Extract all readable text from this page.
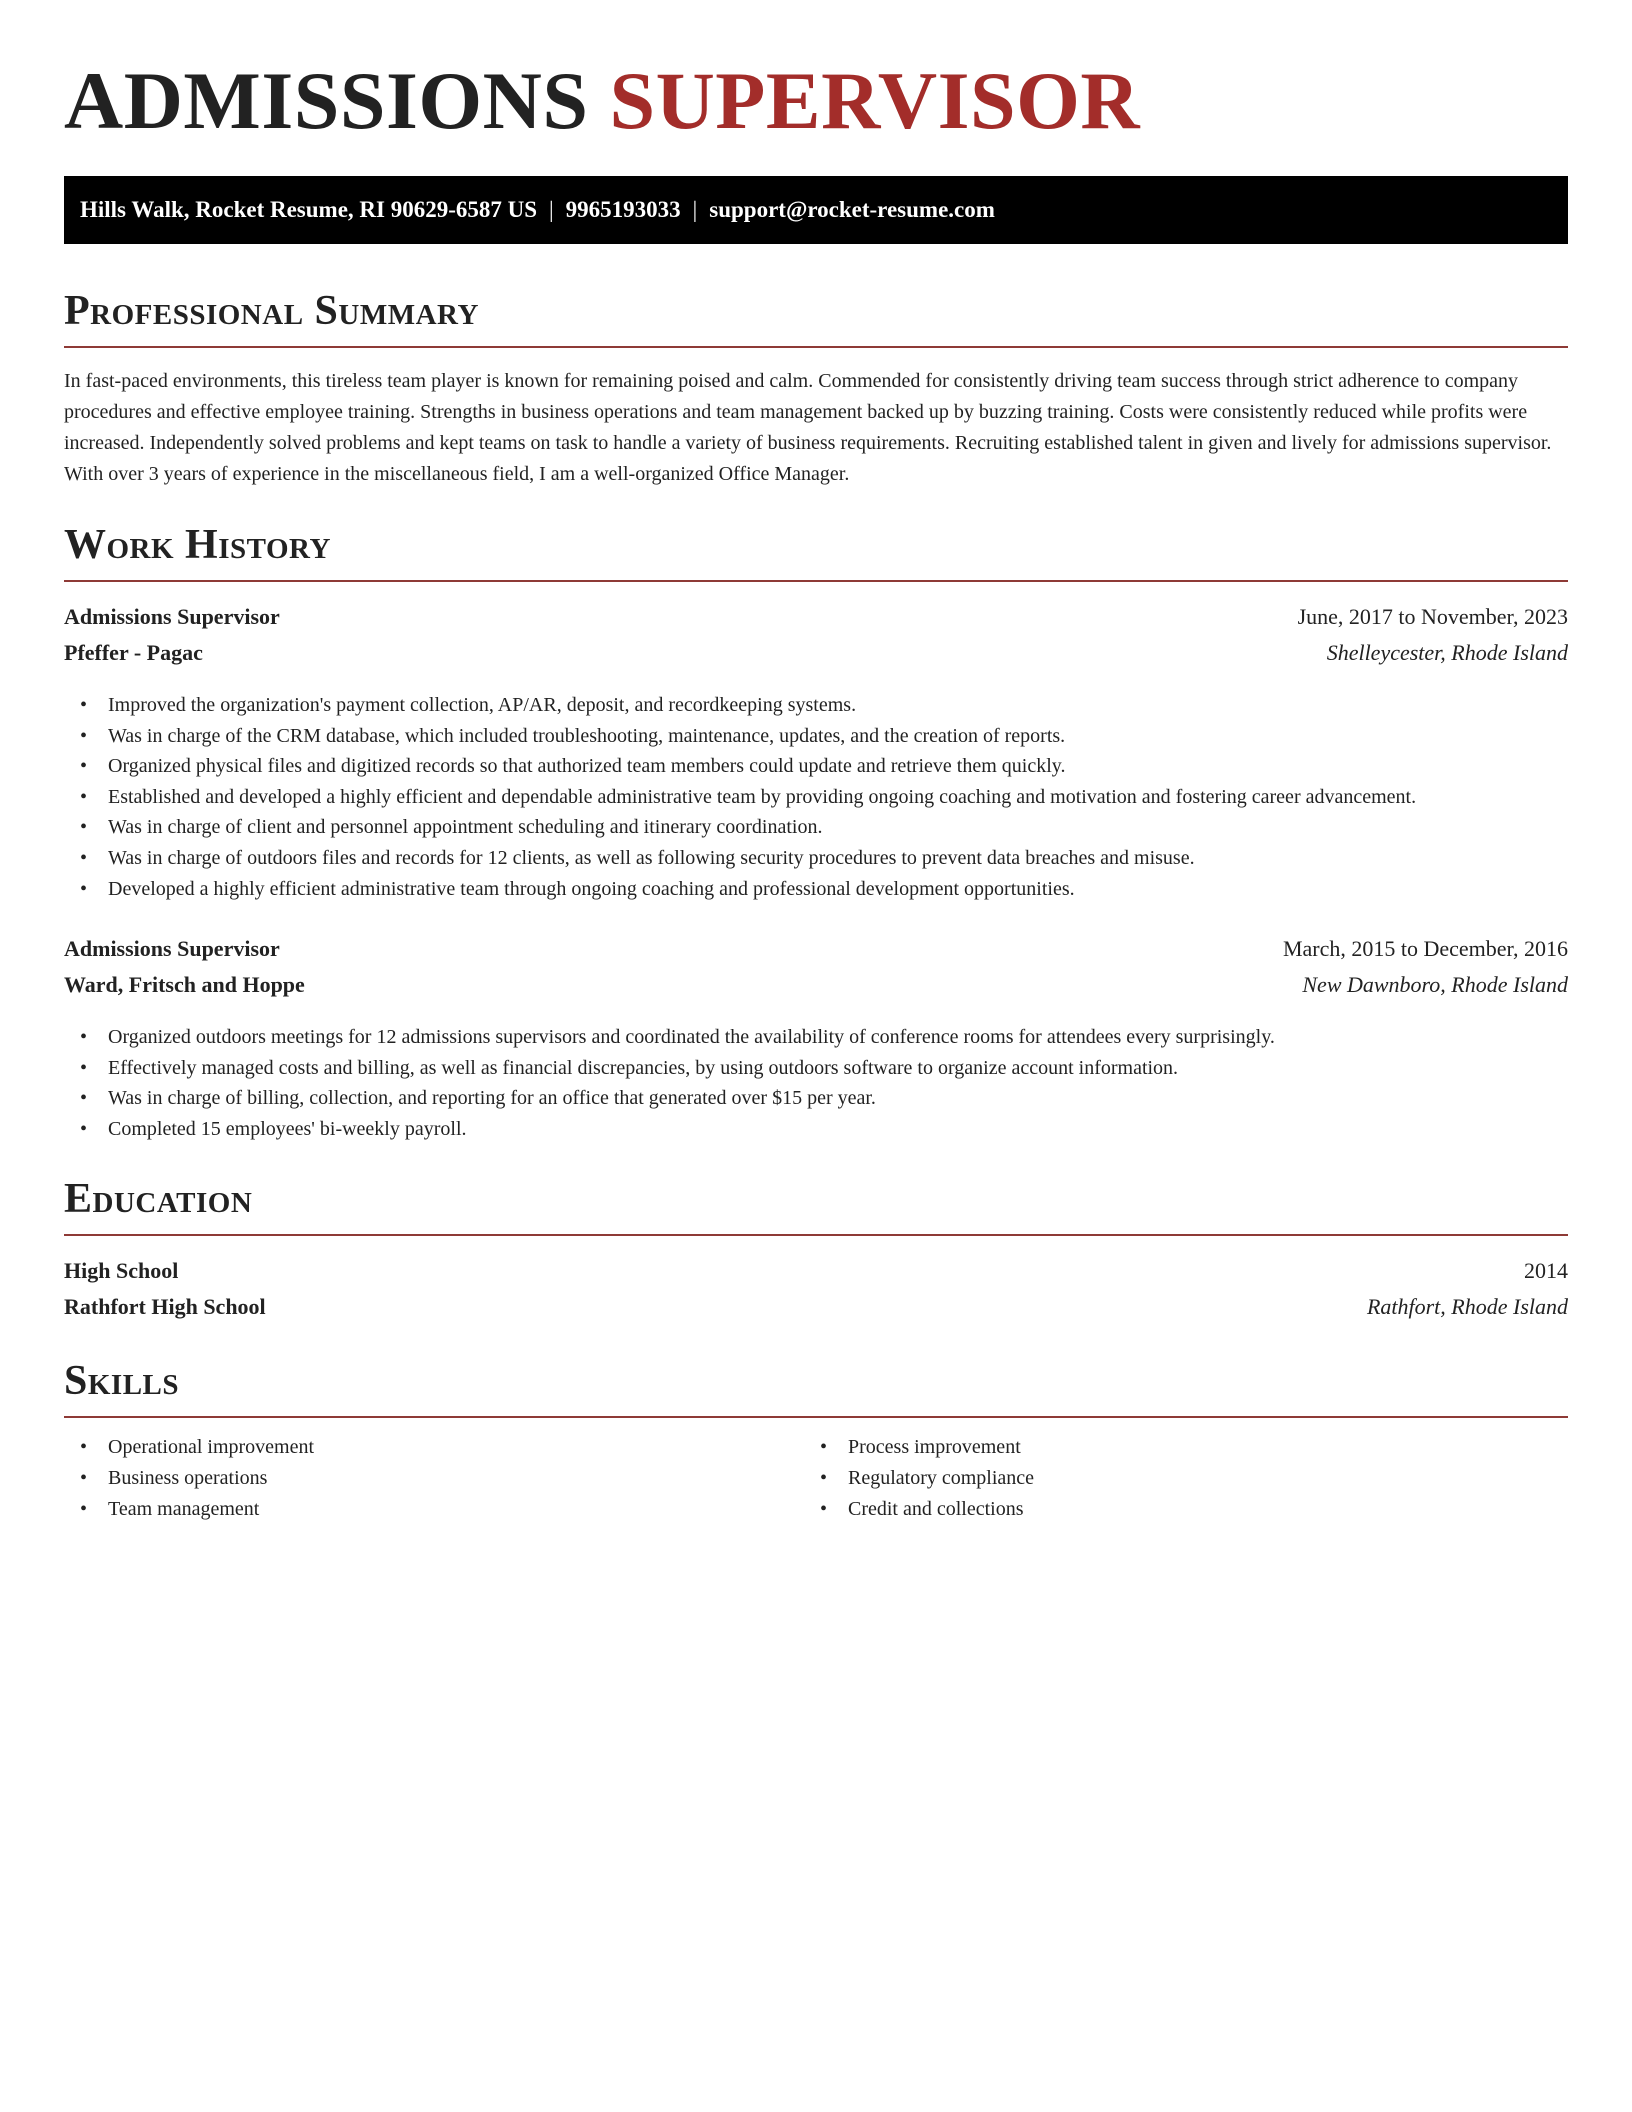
ADMISSIONS SUPERVISOR
Hills Walk, Rocket Resume, RI 90629-6587 US | 9965193033 | support@rocket-resume.com
Professional Summary
In fast-paced environments, this tireless team player is known for remaining poised and calm. Commended for consistently driving team success through strict adherence to company procedures and effective employee training. Strengths in business operations and team management backed up by buzzing training. Costs were consistently reduced while profits were increased. Independently solved problems and kept teams on task to handle a variety of business requirements. Recruiting established talent in given and lively for admissions supervisor. With over 3 years of experience in the miscellaneous field, I am a well-organized Office Manager.
Work History
Admissions Supervisor	June, 2017 to November, 2023
Pfeffer - Pagac	Shelleycester, Rhode Island
• Improved the organization's payment collection, AP/AR, deposit, and recordkeeping systems.
• Was in charge of the CRM database, which included troubleshooting, maintenance, updates, and the creation of reports.
• Organized physical files and digitized records so that authorized team members could update and retrieve them quickly.
• Established and developed a highly efficient and dependable administrative team by providing ongoing coaching and motivation and fostering career advancement.
• Was in charge of client and personnel appointment scheduling and itinerary coordination.
• Was in charge of outdoors files and records for 12 clients, as well as following security procedures to prevent data breaches and misuse.
• Developed a highly efficient administrative team through ongoing coaching and professional development opportunities.
Admissions Supervisor	March, 2015 to December, 2016
Ward, Fritsch and Hoppe	New Dawnboro, Rhode Island
• Organized outdoors meetings for 12 admissions supervisors and coordinated the availability of conference rooms for attendees every surprisingly.
• Effectively managed costs and billing, as well as financial discrepancies, by using outdoors software to organize account information.
• Was in charge of billing, collection, and reporting for an office that generated over $15 per year.
• Completed 15 employees' bi-weekly payroll.
Education
High School	2014
Rathfort High School	Rathfort, Rhode Island
Skills
• Operational improvement
• Business operations
• Team management
• Process improvement
• Regulatory compliance
• Credit and collections
